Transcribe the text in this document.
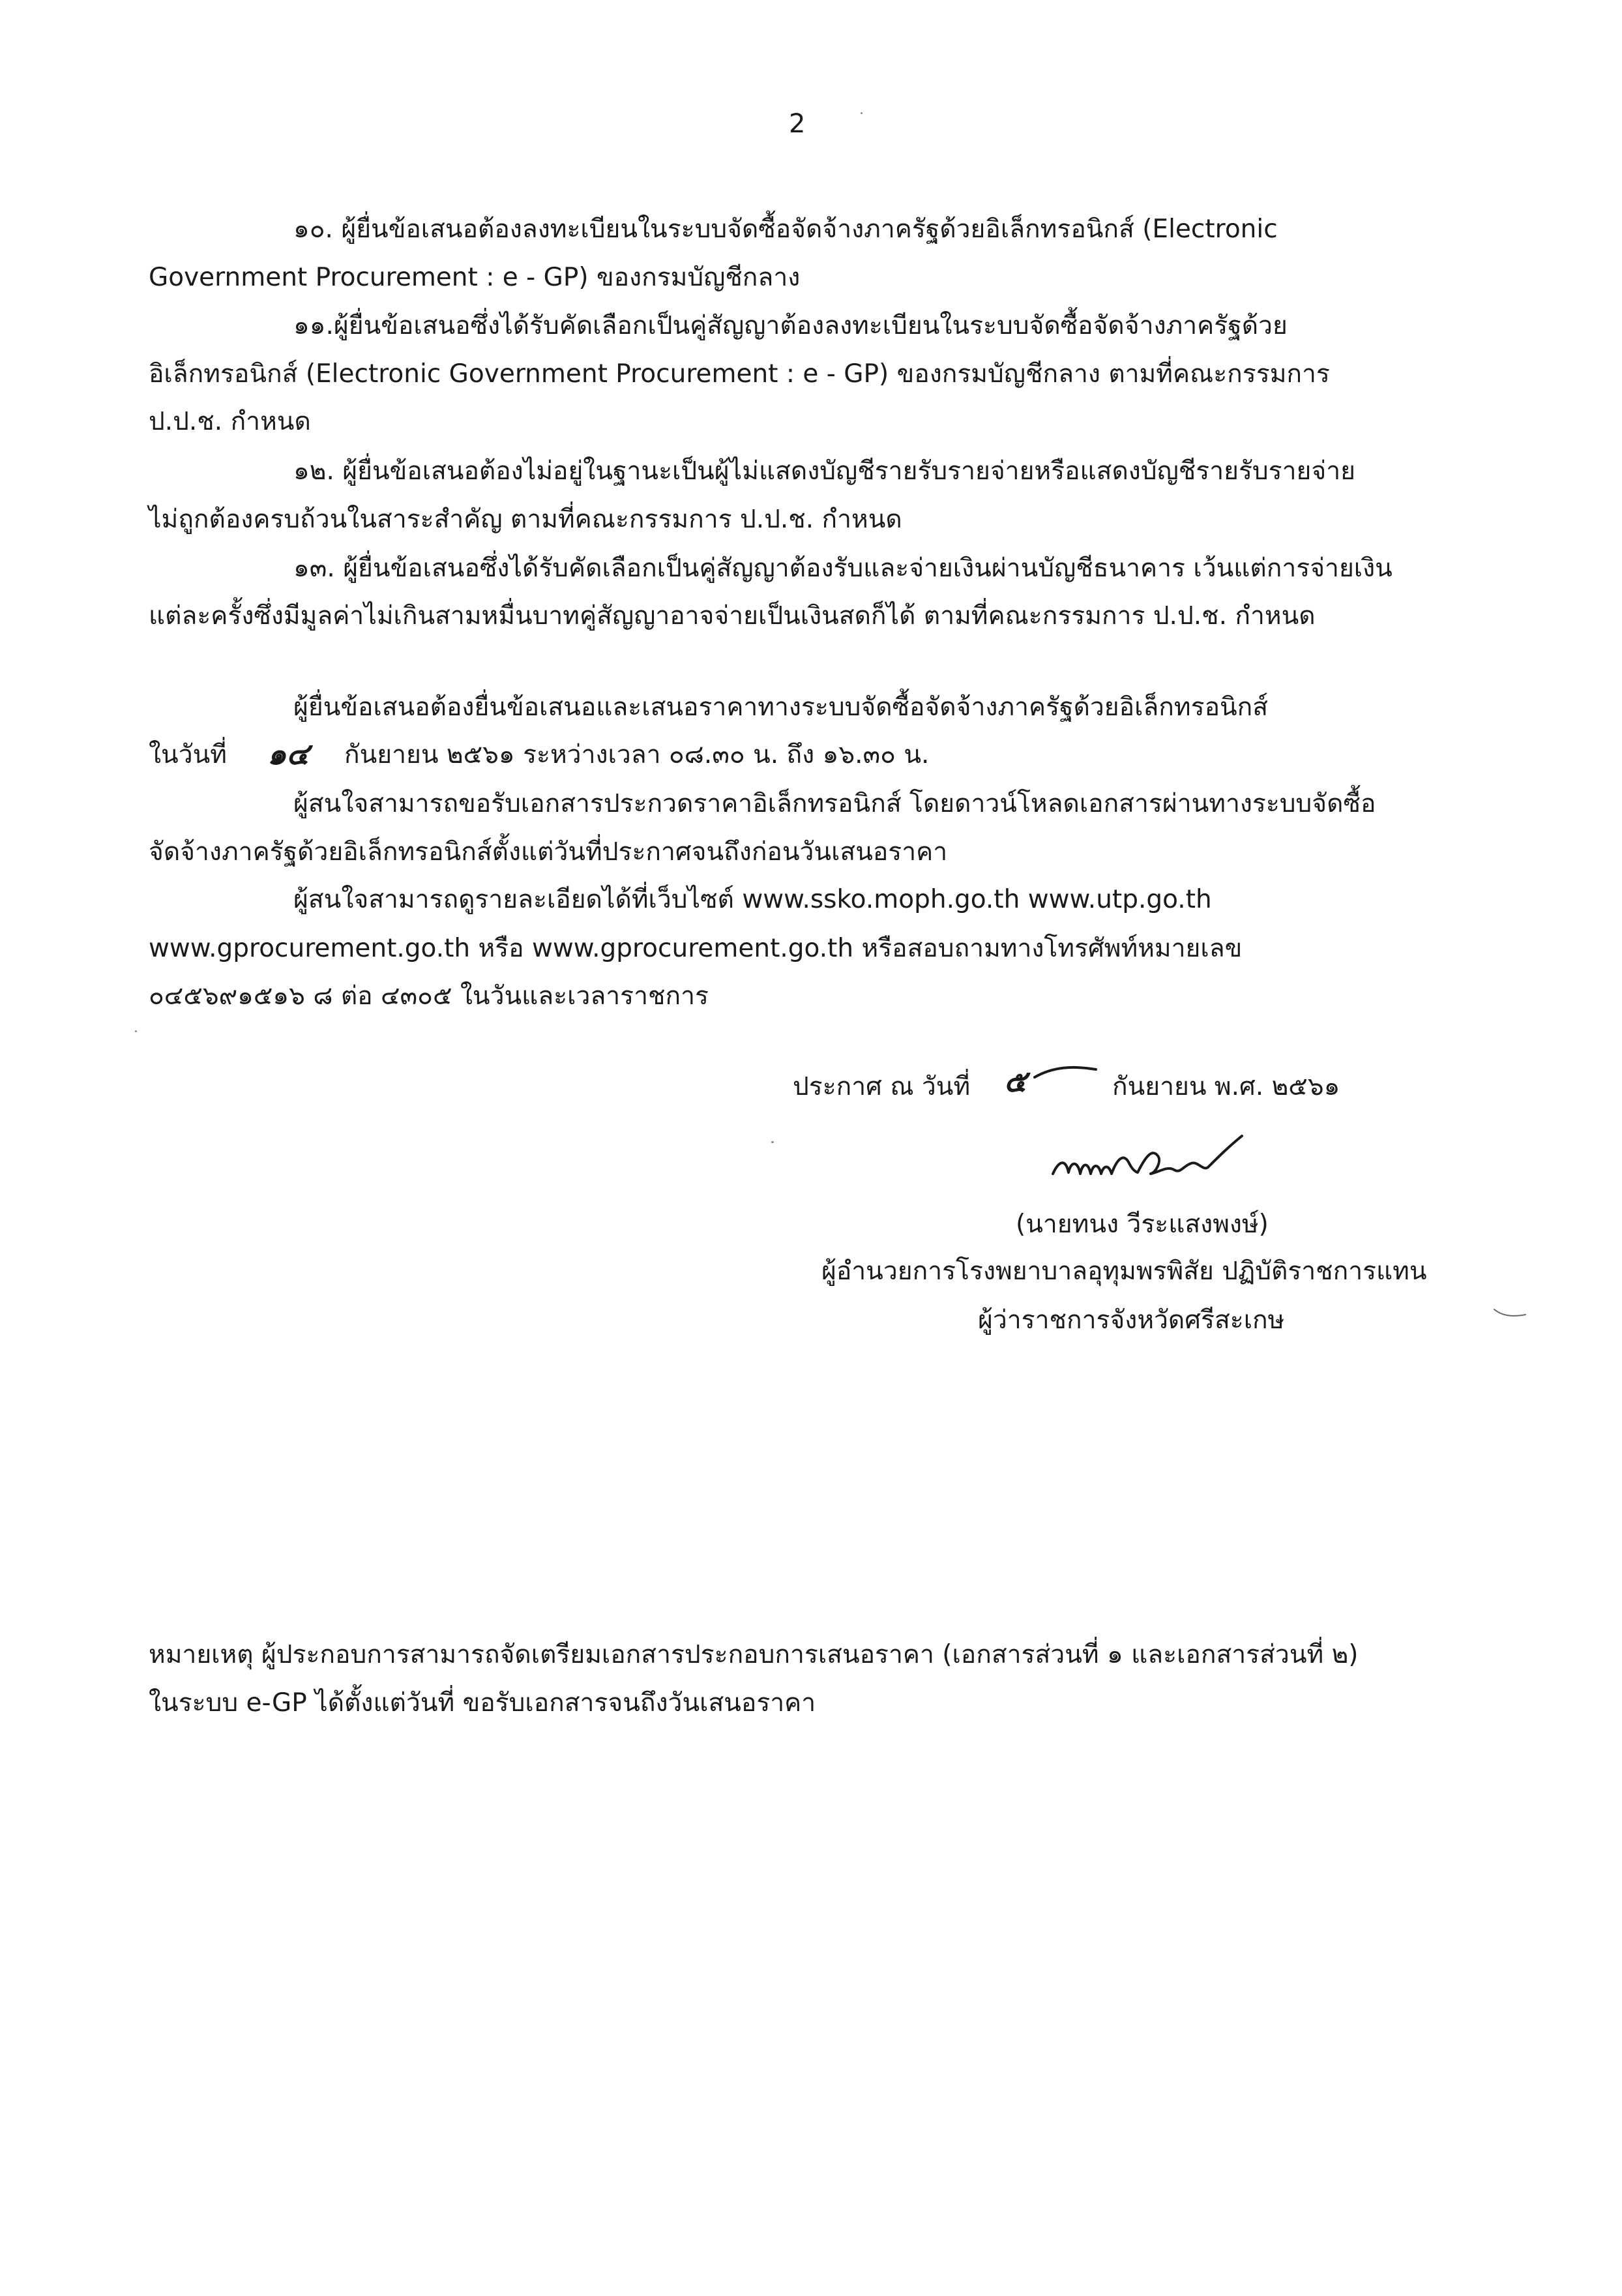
2
๑๐. ผู้ยื่นข้อเสนอต้องลงทะเบียนในระบบจัดซื้อจัดจ้างภาครัฐด้วยอิเล็กทรอนิกส์ (Electronic
Government Procurement : e - GP) ของกรมบัญชีกลาง
๑๑.ผู้ยื่นข้อเสนอซึ่งได้รับคัดเลือกเป็นคู่สัญญาต้องลงทะเบียนในระบบจัดซื้อจัดจ้างภาครัฐด้วย
อิเล็กทรอนิกส์ (Electronic Government Procurement : e - GP) ของกรมบัญชีกลาง ตามที่คณะกรรมการ
ป.ป.ช. กำหนด
๑๒. ผู้ยื่นข้อเสนอต้องไม่อยู่ในฐานะเป็นผู้ไม่แสดงบัญชีรายรับรายจ่ายหรือแสดงบัญชีรายรับรายจ่าย
ไม่ถูกต้องครบถ้วนในสาระสำคัญ ตามที่คณะกรรมการ ป.ป.ช. กำหนด
๑๓. ผู้ยื่นข้อเสนอซึ่งได้รับคัดเลือกเป็นคู่สัญญาต้องรับและจ่ายเงินผ่านบัญชีธนาคาร เว้นแต่การจ่ายเงิน
แต่ละครั้งซึ่งมีมูลค่าไม่เกินสามหมื่นบาทคู่สัญญาอาจจ่ายเป็นเงินสดก็ได้ ตามที่คณะกรรมการ ป.ป.ช. กำหนด
ผู้ยื่นข้อเสนอต้องยื่นข้อเสนอและเสนอราคาทางระบบจัดซื้อจัดจ้างภาครัฐด้วยอิเล็กทรอนิกส์
ในวันที่ ๑๔ กันยายน ๒๕๖๑ ระหว่างเวลา ๐๘.๓๐ น. ถึง ๑๖.๓๐ น.
ผู้สนใจสามารถขอรับเอกสารประกวดราคาอิเล็กทรอนิกส์ โดยดาวน์โหลดเอกสารผ่านทางระบบจัดซื้อ
จัดจ้างภาครัฐด้วยอิเล็กทรอนิกส์ตั้งแต่วันที่ประกาศจนถึงก่อนวันเสนอราคา
ผู้สนใจสามารถดูรายละเอียดได้ที่เว็บไซต์ www.ssko.moph.go.th www.utp.go.th
www.gprocurement.go.th หรือ www.gprocurement.go.th หรือสอบถามทางโทรศัพท์หมายเลข
๐๔๕๖๙๑๕๑๖ ๘ ต่อ ๔๓๐๕ ในวันและเวลาราชการ
ประกาศ ณ วันที่ ๕	กันยายน พ.ศ. ๒๕๖๑
(นายทนง วีระแสงพงษ์)
ผู้อำนวยการโรงพยาบาลอุทุมพรพิสัย ปฏิบัติราชการแทน
ผู้ว่าราชการจังหวัดศรีสะเกษ
หมายเหตุ ผู้ประกอบการสามารถจัดเตรียมเอกสารประกอบการเสนอราคา (เอกสารส่วนที่ ๑ และเอกสารส่วนที่ ๒)
ในระบบ e-GP ได้ตั้งแต่วันที่ ขอรับเอกสารจนถึงวันเสนอราคา
